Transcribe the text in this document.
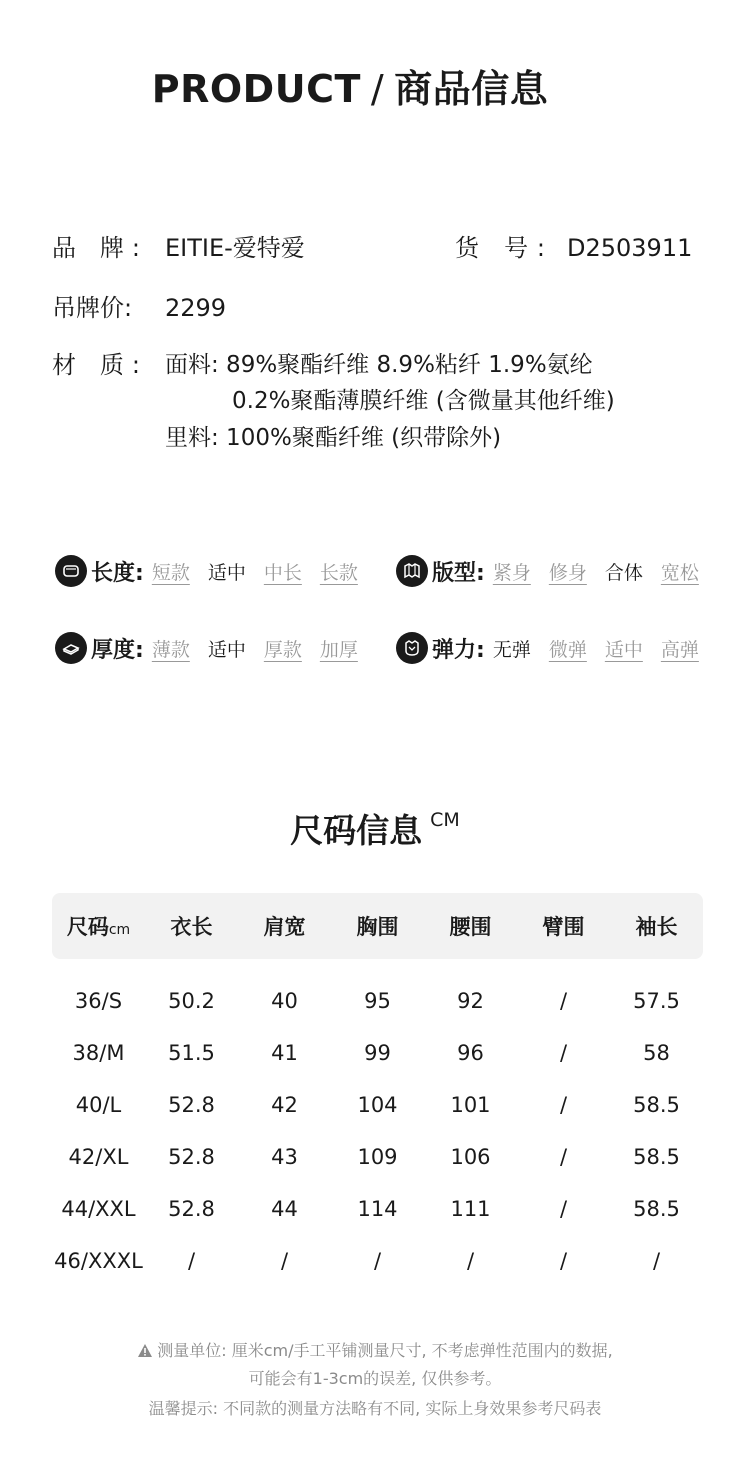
PRODUCT / 商品信息
品 牌: EITIE-爱特爱	货 号: D2503911
吊牌价: 2299
材 质:	面料: 89%聚酯纤维 8.9%粘纤 1.9%氨纶
0.2%聚酯薄膜纤维 (含微量其他纤维)
里料: 100%聚酯纤维 (织带除外)
长度: 短款 适中 中长 长款	版型: 紧身 修身 合体 宽松
厚度: 薄款 适中 厚款 加厚	弹力: 无弹 微弹 适中 高弹
尺码信息 $^{CM}$
尺码cm	衣长	肩宽	胸围	腰围	臂围	袖长
36/S	50.2	40	95	92	/	57.5
38/M	51.5	41	99	96	/	58
40/L	52.8	42	104	101	/	58.5
42/XL	52.8	43	109	106	/	58.5
44/XXL	52.8	44	114	111	/	58.5
46/XXXL	/	/	/	/	/	/
测量单位: 厘米cm/手工平铺测量尺寸, 不考虑弹性范围内的数据,
可能会有1-3cm的误差, 仅供参考。
温馨提示: 不同款的测量方法略有不同, 实际上身效果参考尺码表
